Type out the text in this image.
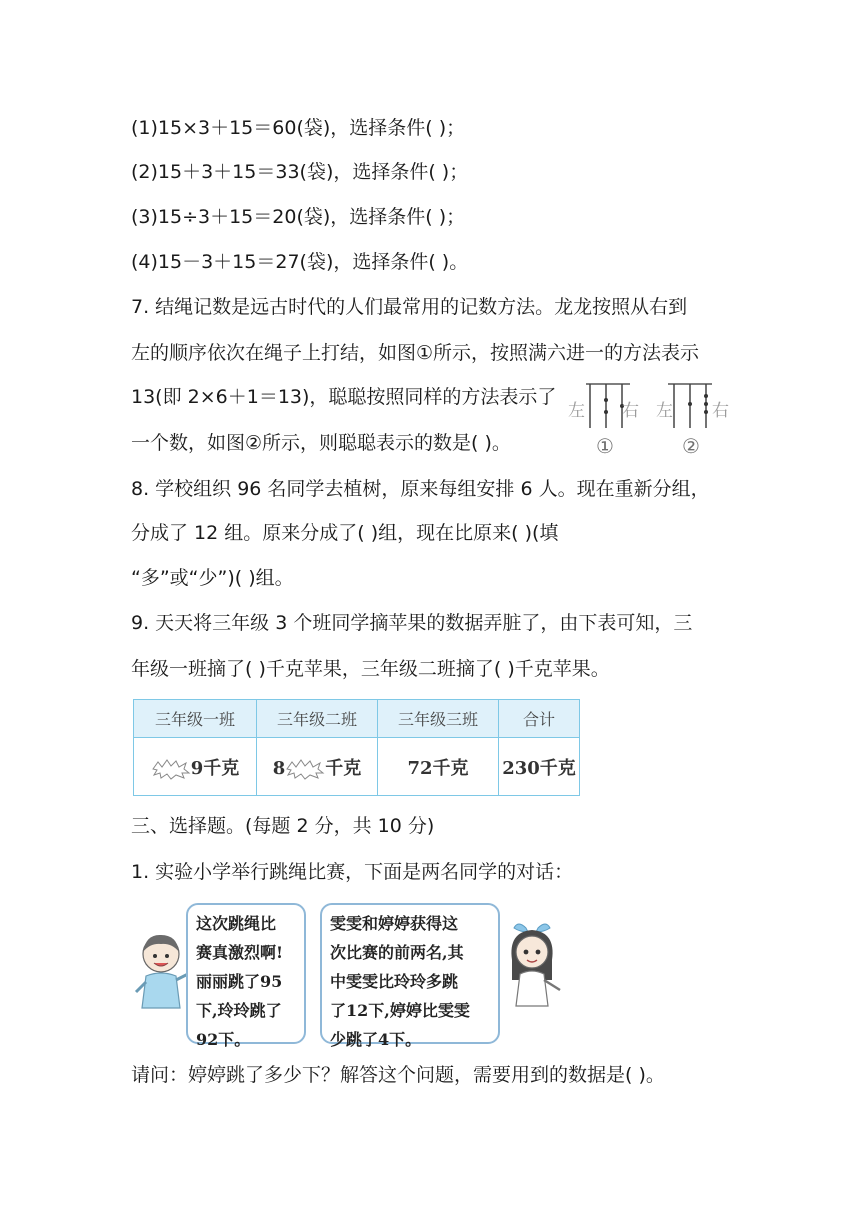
(1)15×3＋15＝60(袋)，选择条件( )；
(2)15＋3＋15＝33(袋)，选择条件( )；
(3)15÷3＋15＝20(袋)，选择条件( )；
(4)15－3＋15＝27(袋)，选择条件( )。
7. 结绳记数是远古时代的人们最常用的记数方法。龙龙按照从右到
左的顺序依次在绳子上打结，如图①所示，按照满六进一的方法表示
13(即 2×6＋1＝13)，聪聪按照同样的方法表示了
一个数，如图②所示，则聪聪表示的数是( )。
左 右 左 右
①	②
8. 学校组织 96 名同学去植树，原来每组安排 6 人。现在重新分组，
分成了 12 组。原来分成了( )组，现在比原来( )(填
“多”或“少”)( )组。
9. 天天将三年级 3 个班同学摘苹果的数据弄脏了，由下表可知，三
年级一班摘了( )千克苹果，三年级二班摘了( )千克苹果。
三年级一班	三年级二班	三年级三班	合计
9千克	8 千克	72千克	230千克
三、选择题。(每题 2 分，共 10 分)
1. 实验小学举行跳绳比赛，下面是两名同学的对话：
这次跳绳比
赛真激烈啊!
丽丽跳了95
下,玲玲跳了
92下。
雯雯和婷婷获得这
次比赛的前两名,其
中雯雯比玲玲多跳
了12下,婷婷比雯雯
少跳了4下。
请问：婷婷跳了多少下？解答这个问题，需要用到的数据是( )。
